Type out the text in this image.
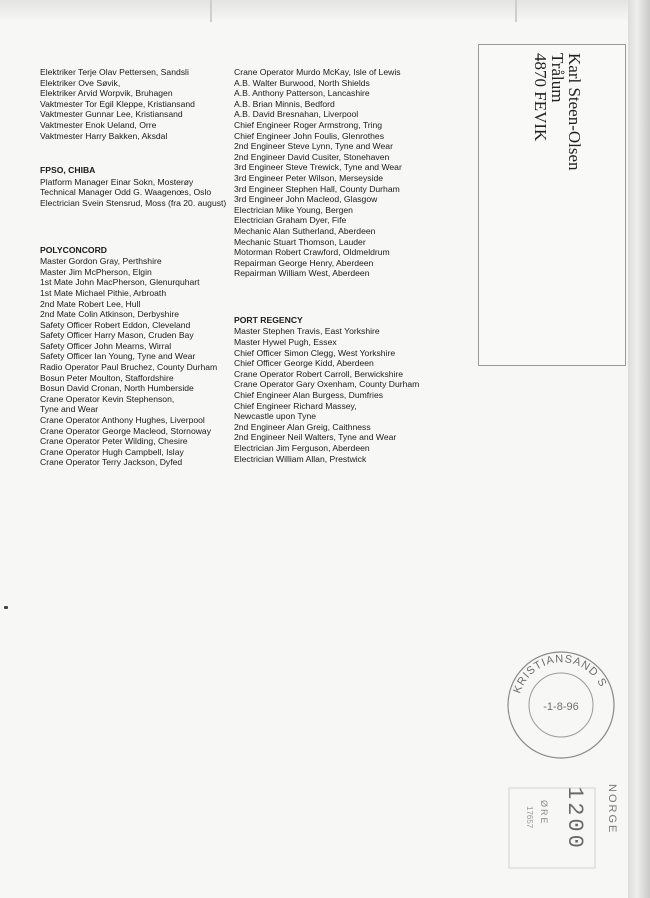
Elektriker Terje Olav Pettersen, Sandsli
Elektriker Ove Søvik,
Elektriker Arvid Worpvik, Bruhagen
Vaktmester Tor Egil Kleppe, Kristiansand
Vaktmester Gunnar Lee, Kristiansand
Vaktmester Enok Ueland, Orre
Vaktmester Harry Bakken, Aksdal
FPSO, CHIBA
Platform Manager Einar Sokn, Mosterøy
Technical Manager Odd G. Waagenœs, Oslo
Electrician Svein Stensrud, Moss (fra 20. august)
POLYCONCORD
Master Gordon Gray, Perthshire
Master Jim McPherson, Elgin
1st Mate John MacPherson, Glenurquhart
1st Mate Michael Pithie, Arbroath
2nd Mate Robert Lee, Hull
2nd Mate Colin Atkinson, Derbyshire
Safety Officer Robert Eddon, Cleveland
Safety Officer Harry Mason, Cruden Bay
Safety Officer John Mearns, Wirral
Safety Officer Ian Young, Tyne and Wear
Radio Operator Paul Bruchez, County Durham
Bosun Peter Moulton, Staffordshire
Bosun David Cronan, North Humberside
Crane Operator Kevin Stephenson,
Tyne and Wear
Crane Operator Anthony Hughes, Liverpool
Crane Operator George Macleod, Stornoway
Crane Operator Peter Wilding, Chesire
Crane Operator Hugh Campbell, Islay
Crane Operator Terry Jackson, Dyfed
Crane Operator Murdo McKay, Isle of Lewis
A.B. Walter Burwood, North Shields
A.B. Anthony Patterson, Lancashire
A.B. Brian Minnis, Bedford
A.B. David Bresnahan, Liverpool
Chief Engineer Roger Armstrong, Tring
Chief Engineer John Foulis, Glenrothes
2nd Engineer Steve Lynn, Tyne and Wear
2nd Engineer David Cusiter, Stonehaven
3rd Engineer Steve Trewick, Tyne and Wear
3rd Engineer Peter Wilson, Merseyside
3rd Engineer Stephen Hall, County Durham
3rd Engineer John Macleod, Glasgow
Electrician Mike Young, Bergen
Electrician Graham Dyer, Fife
Mechanic Alan Sutherland, Aberdeen
Mechanic Stuart Thomson, Lauder
Motorman Robert Crawford, Oldmeldrum
Repairman George Henry, Aberdeen
Repairman William West, Aberdeen
PORT REGENCY
Master Stephen Travis, East Yorkshire
Master Hywel Pugh, Essex
Chief Officer Simon Clegg, West Yorkshire
Chief Officer George Kidd, Aberdeen
Crane Operator Robert Carroll, Berwickshire
Crane Operator Gary Oxenham, County Durham
Chief Engineer Alan Burgess, Dumfries
Chief Engineer Richard Massey,
Newcastle upon Tyne
2nd Engineer Alan Greig, Caithness
2nd Engineer Neil Walters, Tyne and Wear
Electrician Jim Ferguson, Aberdeen
Electrician William Allan, Prestwick
Karl Steen-Olsen
Trålum
4870 FEVIK
KRISTIANSAND S
-1-8-96
NORGE
1200
ØRE
17657
